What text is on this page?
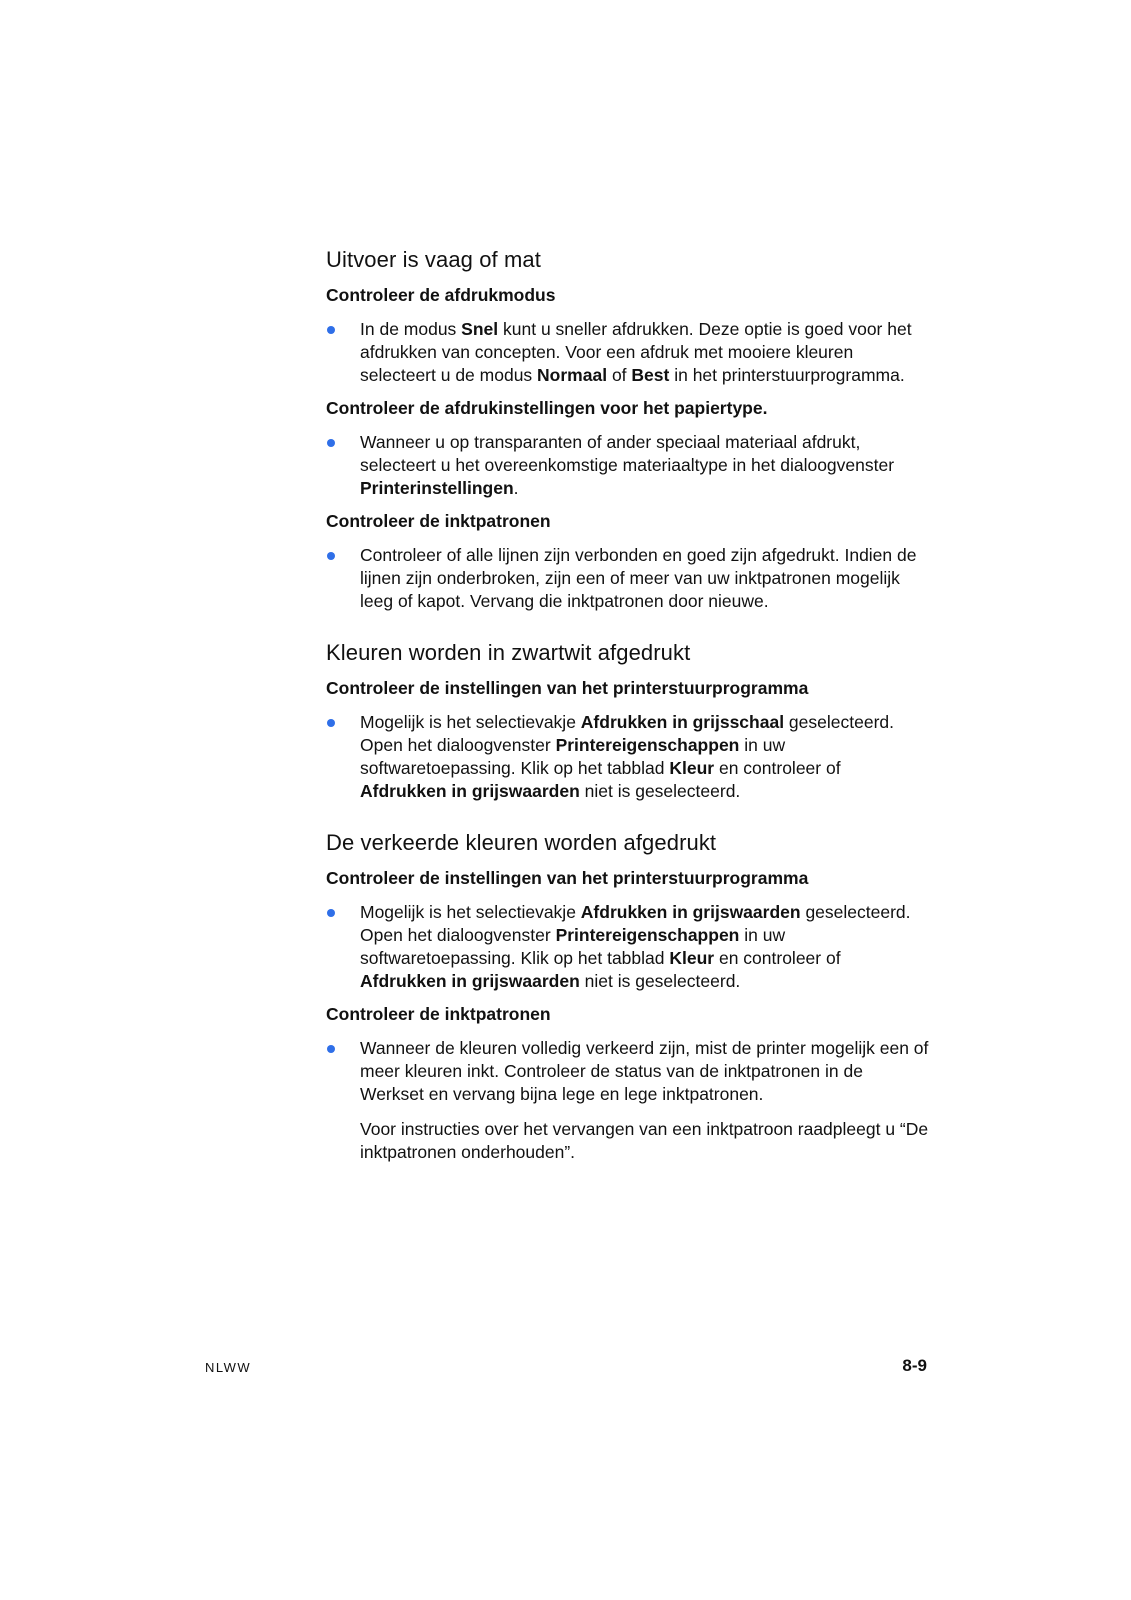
Uitvoer is vaag of mat
Controleer de afdrukmodus
In de modus Snel kunt u sneller afdrukken. Deze optie is goed voor het afdrukken van concepten. Voor een afdruk met mooiere kleuren selecteert u de modus Normaal of Best in het printerstuurprogramma.
Controleer de afdrukinstellingen voor het papiertype.
Wanneer u op transparanten of ander speciaal materiaal afdrukt, selecteert u het overeenkomstige materiaaltype in het dialoogvenster Printerinstellingen.
Controleer de inktpatronen
Controleer of alle lijnen zijn verbonden en goed zijn afgedrukt. Indien de lijnen zijn onderbroken, zijn een of meer van uw inktpatronen mogelijk leeg of kapot. Vervang die inktpatronen door nieuwe.
Kleuren worden in zwartwit afgedrukt
Controleer de instellingen van het printerstuurprogramma
Mogelijk is het selectievakje Afdrukken in grijsschaal geselecteerd. Open het dialoogvenster Printereigenschappen in uw softwaretoepassing. Klik op het tabblad Kleur en controleer of Afdrukken in grijswaarden niet is geselecteerd.
De verkeerde kleuren worden afgedrukt
Controleer de instellingen van het printerstuurprogramma
Mogelijk is het selectievakje Afdrukken in grijswaarden geselecteerd. Open het dialoogvenster Printereigenschappen in uw softwaretoepassing. Klik op het tabblad Kleur en controleer of Afdrukken in grijswaarden niet is geselecteerd.
Controleer de inktpatronen
Wanneer de kleuren volledig verkeerd zijn, mist de printer mogelijk een of meer kleuren inkt. Controleer de status van de inktpatronen in de Werkset en vervang bijna lege en lege inktpatronen.
Voor instructies over het vervangen van een inktpatroon raadpleegt u “De inktpatronen onderhouden”.
NLWW	8-9
